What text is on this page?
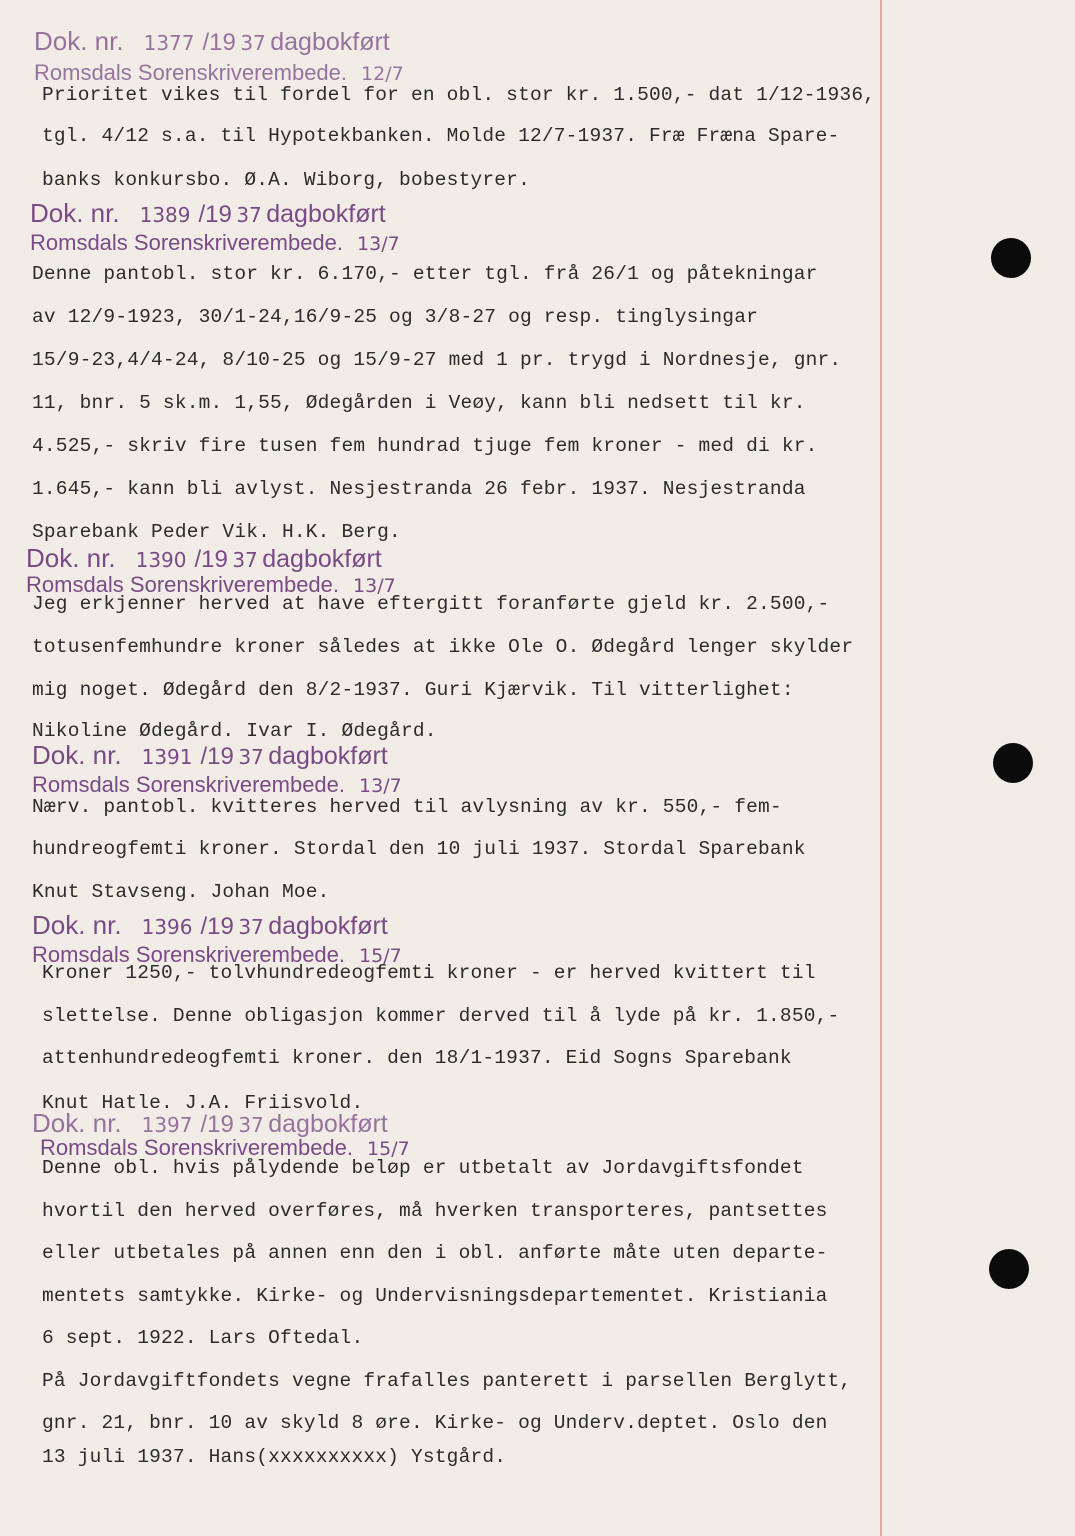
Dok. nr. 1377 /19 37 dagbokført
Romsdals Sorenskriverembede. 12/7
Prioritet vikes til fordel for en obl. stor kr. 1.500,- dat 1/12-1936,
tgl. 4/12 s.a. til Hypotekbanken. Molde 12/7-1937. Fræ Fræna Spare-
banks konkursbo. Ø.A. Wiborg, bobestyrer.
Dok. nr. 1389 /19 37 dagbokført
Romsdals Sorenskriverembede. 13/7
Denne pantobl. stor kr. 6.170,- etter tgl. frå 26/1 og påtekningar
av 12/9-1923, 30/1-24,16/9-25 og 3/8-27 og resp. tinglysingar
15/9-23,4/4-24, 8/10-25 og 15/9-27 med 1 pr. trygd i Nordnesje, gnr.
11, bnr. 5 sk.m. 1,55, Ødegården i Veøy, kann bli nedsett til kr.
4.525,- skriv fire tusen fem hundrad tjuge fem kroner - med di kr.
1.645,- kann bli avlyst. Nesjestranda 26 febr. 1937. Nesjestranda
Sparebank Peder Vik. H.K. Berg.
Dok. nr. 1390 /19 37 dagbokført
Romsdals Sorenskriverembede. 13/7
Jeg erkjenner herved at have eftergitt foranførte gjeld kr. 2.500,-
totusenfemhundre kroner således at ikke Ole O. Ødegård lenger skylder
mig noget. Ødegård den 8/2-1937. Guri Kjærvik. Til vitterlighet:
Nikoline Ødegård. Ivar I. Ødegård.
Dok. nr. 1391 /19 37 dagbokført
Romsdals Sorenskriverembede. 13/7
Nærv. pantobl. kvitteres herved til avlysning av kr. 550,- fem-
hundreogfemti kroner. Stordal den 10 juli 1937. Stordal Sparebank
Knut Stavseng. Johan Moe.
Dok. nr. 1396 /19 37 dagbokført
Romsdals Sorenskriverembede. 15/7
Kroner 1250,- tolvhundredeogfemti kroner - er herved kvittert til
slettelse. Denne obligasjon kommer derved til å lyde på kr. 1.850,-
attenhundredeogfemti kroner. den 18/1-1937. Eid Sogns Sparebank
Knut Hatle. J.A. Friisvold.
Dok. nr. 1397 /19 37 dagbokført
Romsdals Sorenskriverembede. 15/7
Denne obl. hvis pålydende beløp er utbetalt av Jordavgiftsfondet
hvortil den herved overføres, må hverken transporteres, pantsettes
eller utbetales på annen enn den i obl. anførte måte uten departe-
mentets samtykke. Kirke- og Undervisningsdepartementet. Kristiania
6 sept. 1922. Lars Oftedal.
På Jordavgiftfondets vegne frafalles panterett i parsellen Berglytt,
gnr. 21, bnr. 10 av skyld 8 øre. Kirke- og Underv.deptet. Oslo den
13 juli 1937. Hans(xxxxxxxxxx) Ystgård.
